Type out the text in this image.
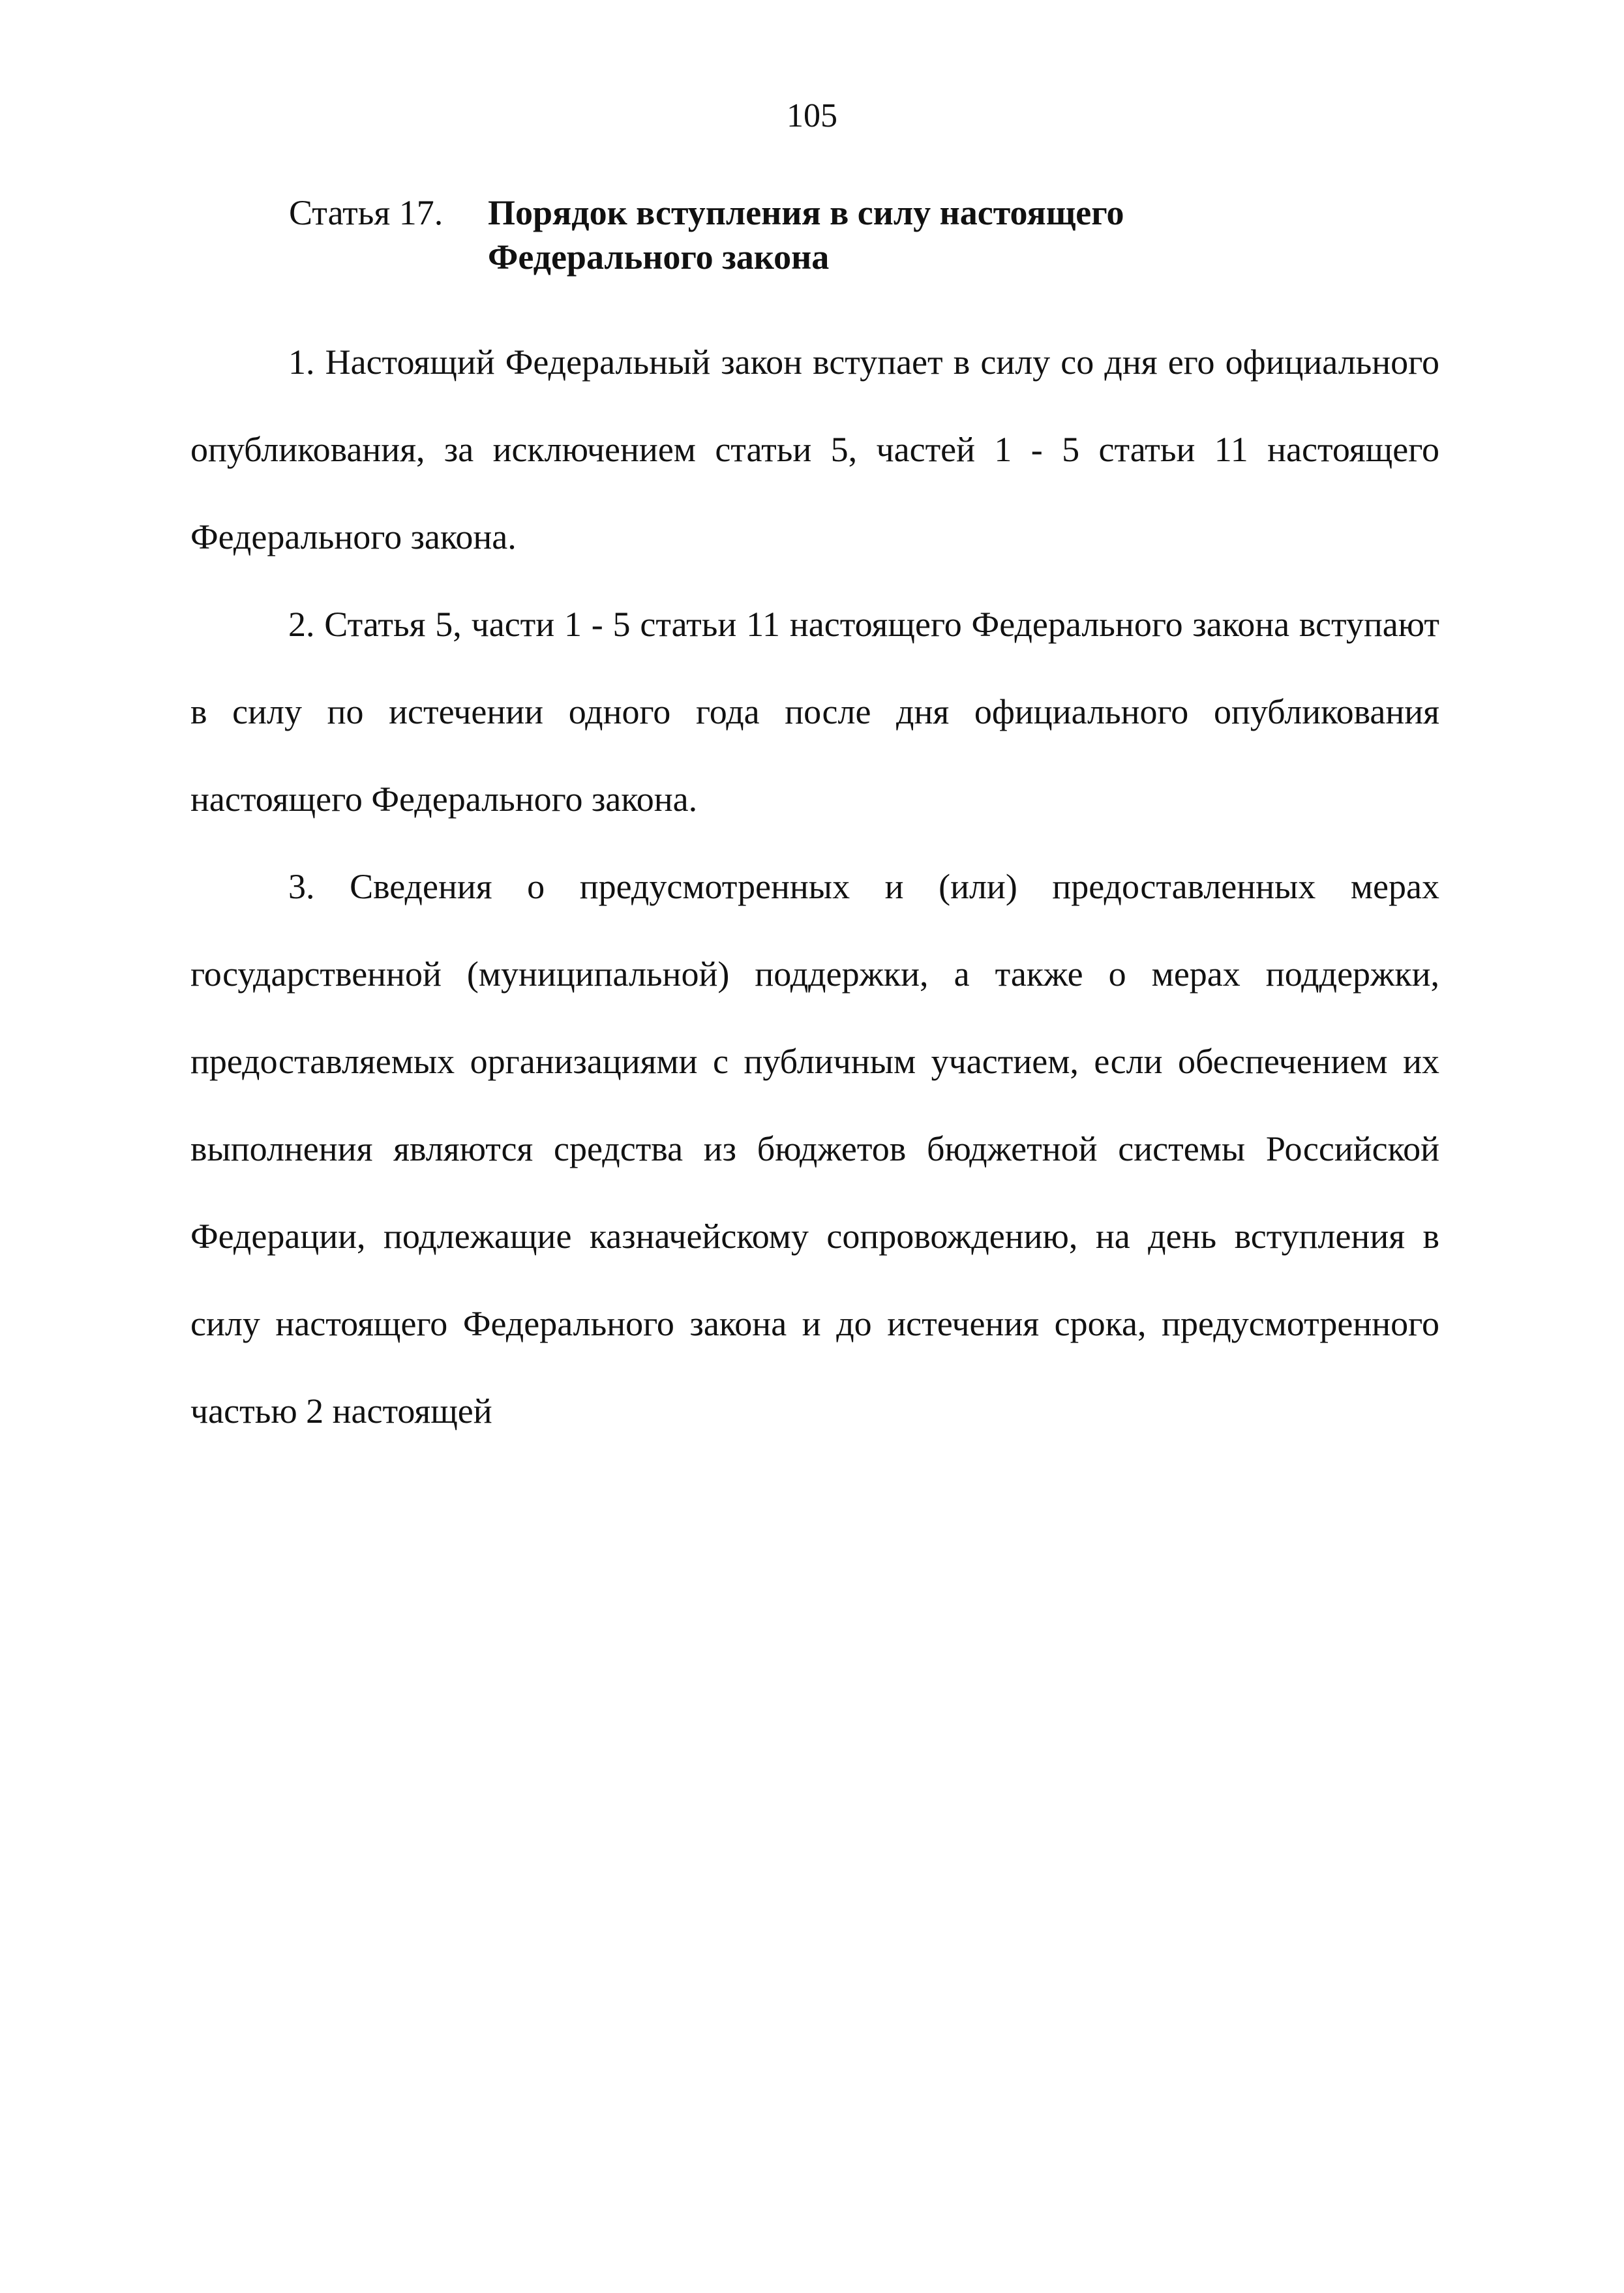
105
Статья 17. Порядок вступления в силу настоящего Федерального закона

1. Настоящий Федеральный закон вступает в силу со дня его официального опубликования, за исключением статьи 5, частей 1 - 5 статьи 11 настоящего Федерального закона.

2. Статья 5, части 1 - 5 статьи 11 настоящего Федерального закона вступают в силу по истечении одного года после дня официального опубликования настоящего Федерального закона.

3. Сведения о предусмотренных и (или) предоставленных мерах государственной (муниципальной) поддержки, а также о мерах поддержки, предоставляемых организациями с публичным участием, если обеспечением их выполнения являются средства из бюджетов бюджетной системы Российской Федерации, подлежащие казначейскому сопровождению, на день вступления в силу настоящего Федерального закона и до истечения срока, предусмотренного частью 2 настоящей
